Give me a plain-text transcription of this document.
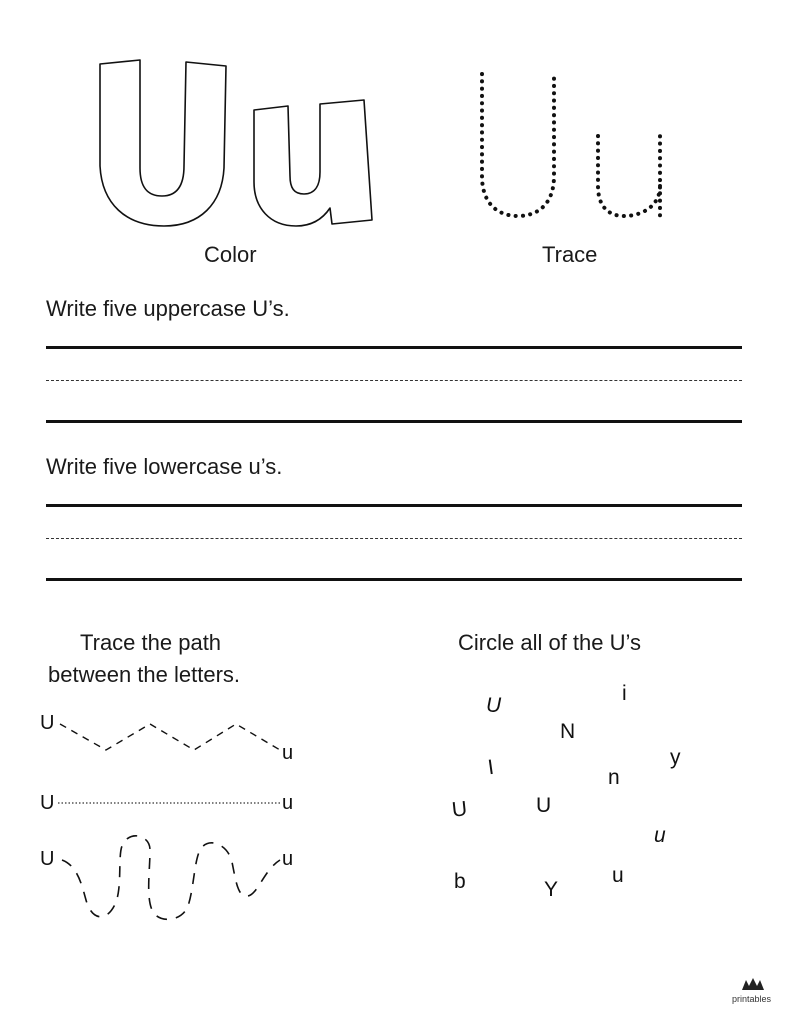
Color	Trace
Write five uppercase U’s.
Write five lowercase u’s.
Trace the path
between the letters.
U
u
U	u
U	u
Circle all of the U’s
U
i
N
y
I	n
U	U
u
b	Y
u
printables
